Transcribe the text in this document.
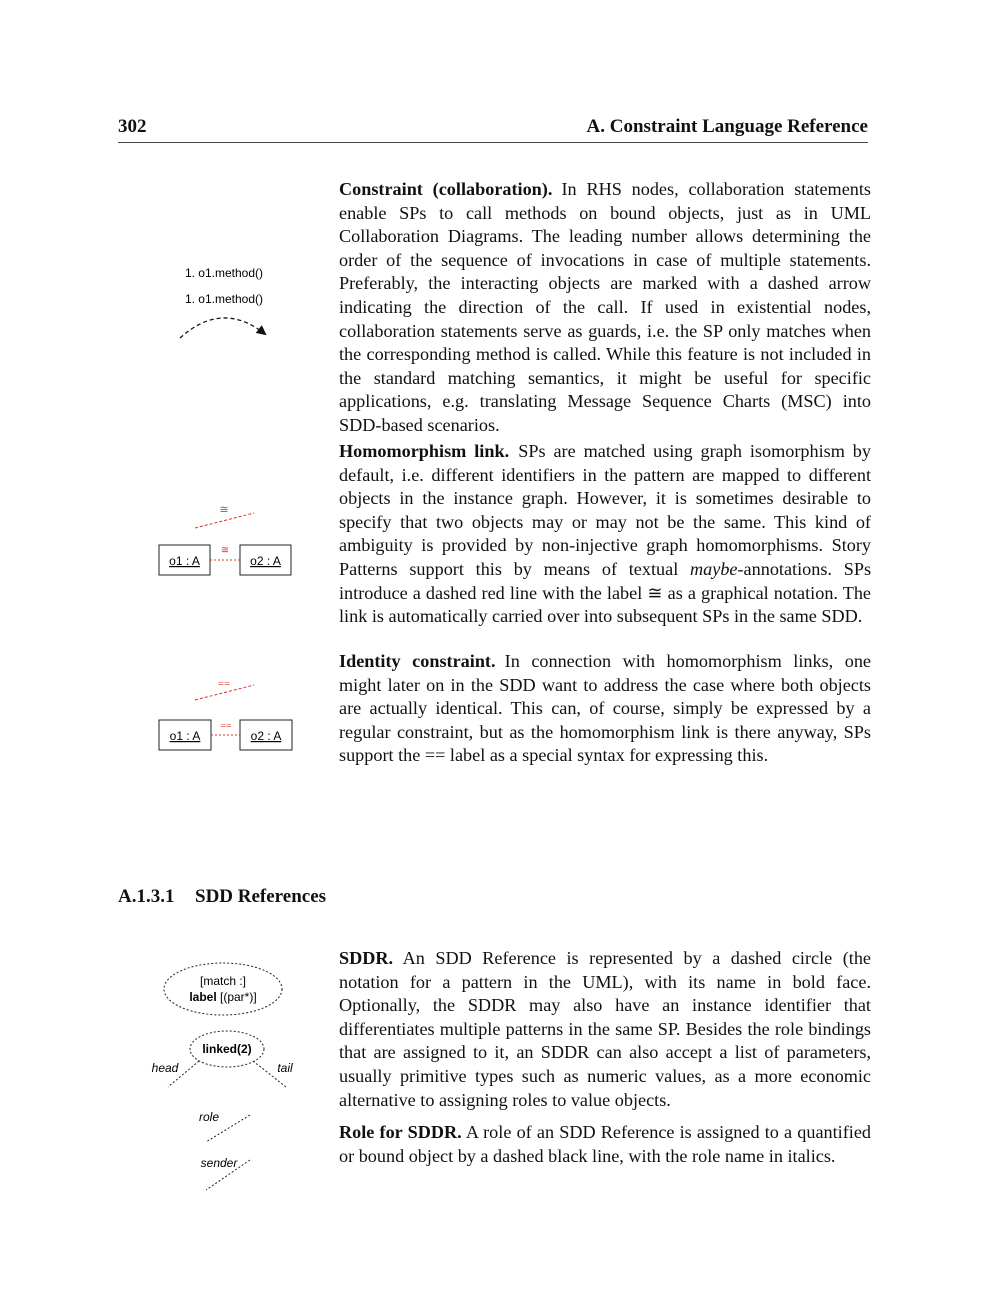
302	A. Constraint Language Reference
1. o1.method()
1. o1.method()
≅
o1 : A	o2 : A
≅
==
o1 : A	o2 : A
==
[match :]
label [(par*)]
linked(2)
head	tail
role
sender
Constraint (collaboration).  In RHS nodes, collaboration statements enable SPs to call methods on bound objects, just as in UML Collaboration Diagrams. The leading number allows determining the order of the sequence of invocations in case of multiple statements. Preferably, the interacting objects are marked with a dashed arrow indicating the direction of the call. If used in existential nodes, collaboration statements serve as guards, i.e. the SP only matches when the corresponding method is called. While this feature is not included in the standard matching semantics, it might be useful for specific applications, e.g. translating Message Sequence Charts (MSC) into SDD-based scenarios.
Homomorphism link.  SPs are matched using graph isomorphism by default, i.e. different identifiers in the pattern are mapped to different objects in the instance graph. However, it is sometimes desirable to specify that two objects may or may not be the same. This kind of ambiguity is provided by non-injective graph homomorphisms. Story Patterns support this by means of textual maybe-annotations. SPs introduce a dashed red line with the label ≅ as a graphical notation. The link is automatically carried over into subsequent SPs in the same SDD.
Identity constraint.  In connection with homomorphism links, one might later on in the SDD want to address the case where both objects are actually identical. This can, of course, simply be expressed by a regular constraint, but as the homomorphism link is there anyway, SPs support the == label as a special syntax for expressing this.
A.1.3.1 SDD References
SDDR. An SDD Reference is represented by a dashed circle (the notation for a pattern in the UML), with its name in bold face. Optionally, the SDDR may also have an instance identifier that differentiates multiple patterns in the same SP. Besides the role bindings that are assigned to it, an SDDR can also accept a list of parameters, usually primitive types such as numeric values, as a more economic alternative to assigning roles to value objects.
Role for SDDR. A role of an SDD Reference is assigned to a quantified or bound object by a dashed black line, with the role name in italics.
